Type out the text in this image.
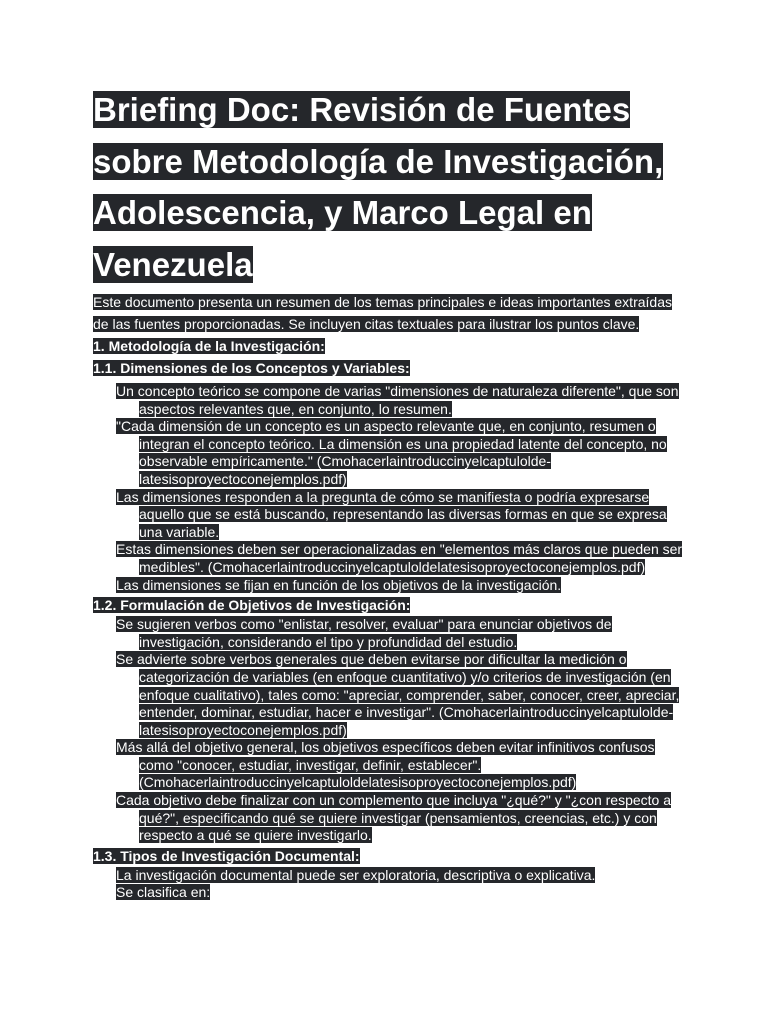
Briefing Doc: Revisión de Fuentes sobre Metodología de Investigación, Adolescencia, y Marco Legal en Venezuela

Este documento presenta un resumen de los temas principales e ideas importantes extraídas de las fuentes proporcionadas. Se incluyen citas textuales para ilustrar los puntos clave.

1. Metodología de la Investigación:
1.1. Dimensiones de los Conceptos y Variables:
Un concepto teórico se compone de varias "dimensiones de naturaleza diferente", que son aspectos relevantes que, en conjunto, lo resumen.
"Cada dimensión de un concepto es un aspecto relevante que, en conjunto, resumen o integran el concepto teórico. La dimensión es una propiedad latente del concepto, no observable empíricamente." (Cmohacerlaintroduccinyelcaptuloldelatesisoproyectoconejemplos.pdf)
Las dimensiones responden a la pregunta de cómo se manifiesta o podría expresarse aquello que se está buscando, representando las diversas formas en que se expresa una variable.
Estas dimensiones deben ser operacionalizadas en "elementos más claros que pueden ser medibles". (Cmohacerlaintroduccinyelcaptuloldelatesisoproyectoconejemplos.pdf)
Las dimensiones se fijan en función de los objetivos de la investigación.
1.2. Formulación de Objetivos de Investigación:
Se sugieren verbos como "enlistar, resolver, evaluar" para enunciar objetivos de investigación, considerando el tipo y profundidad del estudio.
Se advierte sobre verbos generales que deben evitarse por dificultar la medición o categorización de variables (en enfoque cuantitativo) y/o criterios de investigación (en enfoque cualitativo), tales como: "apreciar, comprender, saber, conocer, creer, apreciar, entender, dominar, estudiar, hacer e investigar". (Cmohacerlaintroduccinyelcaptuloldelatesisoproyectoconejemplos.pdf)
Más allá del objetivo general, los objetivos específicos deben evitar infinitivos confusos como "conocer, estudiar, investigar, definir, establecer". (Cmohacerlaintroduccinyelcaptuloldelatesisoproyectoconejemplos.pdf)
Cada objetivo debe finalizar con un complemento que incluya "¿qué?" y "¿con respecto a qué?", especificando qué se quiere investigar (pensamientos, creencias, etc.) y con respecto a qué se quiere investigarlo.
1.3. Tipos de Investigación Documental:
La investigación documental puede ser exploratoria, descriptiva o explicativa.
Se clasifica en:
